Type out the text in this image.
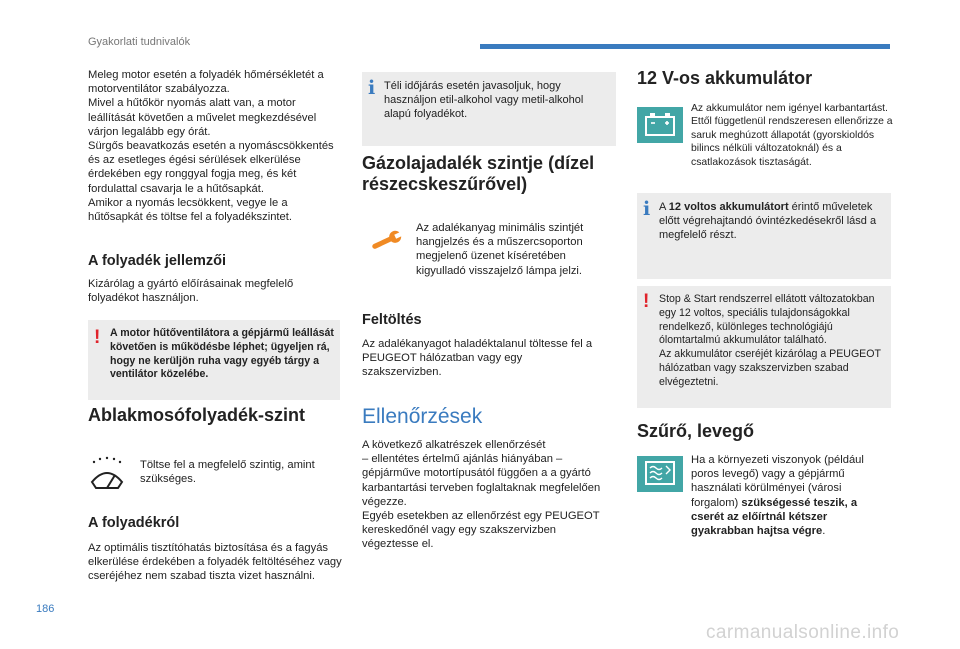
Gyakorlati tudnivalók

Meleg motor esetén a folyadék hőmérsékletét a motorventilátor szabályozza.

Mivel a hűtőkör nyomás alatt van, a motor leállítását követően a művelet megkezdésével várjon legalább egy órát.

Sürgős beavatkozás esetén a nyomáscsökkentés és az esetleges égési sérülések elkerülése érdekében egy ronggyal fogja meg, és két fordulattal csavarja le a hűtősapkát.

Amikor a nyomás lecsökkent, vegye le a hűtősapkát és töltse fel a folyadékszintet.

A folyadék jellemzői
Kizárólag a gyártó előírásainak megfelelő folyadékot használjon.
! A motor hűtőventilátora a gépjármű leállását követően is működésbe léphet; ügyeljen rá, hogy ne kerüljön ruha vagy egyéb tárgy a ventilátor közelébe.
Ablakmosófolyadék-szint
Töltse fel a megfelelő szintig, amint szükséges.
A folyadékról
Az optimális tisztítóhatás biztosítása és a fagyás elkerülése érdekében a folyadék feltöltéséhez vagy cseréjéhez nem szabad tiszta vizet használni.
i Téli időjárás esetén javasoljuk, hogy használjon etil-alkohol vagy metil-alkohol alapú folyadékot.
Gázolajadalék szintje (dízel részecskeszűrővel)
Az adalékanyag minimális szintjét hangjelzés és a műszercsoporton megjelenő üzenet kíséretében kigyulladó visszajelző lámpa jelzi.
Feltöltés
Az adalékanyagot haladéktalanul töltesse fel a PEUGEOT hálózatban vagy egy szakszervizben.
Ellenőrzések

A következő alkatrészek ellenőrzését

– ellentétes értelmű ajánlás hiányában – gépjárműve motortípusától függően a a gyártó karbantartási terveben foglaltaknak megfelelően végezze.

Egyéb esetekben az ellenőrzést egy PEUGEOT kereskedőnél vagy egy szakszervizben végeztesse el.

12 V-os akkumulátor

Az akkumulátor nem igényel karbantartást.

Ettől függetlenül rendszeresen ellenőrizze a saruk meghúzott állapotát (gyorskioldós bilincs nélküli változatoknál) és a csatlakozások tisztaságát.

i A 12 voltos akkumulátort érintő műveletek előtt végrehajtandó óvintézkedésekről lásd a megfelelő részt.
! Stop & Start rendszerrel ellátott változatokban egy 12 voltos, speciális tulajdonságokkal rendelkező, különleges technológiájú ólomtartalmú akkumulátor található.
Az akkumulátor cseréjét kizárólag a PEUGEOT hálózatban vagy szakszervizben szabad elvégeztetni.
Szűrő, levegő
Ha a környezeti viszonyok (például poros levegő) vagy a gépjármű használati körülményei (városi forgalom) szükségessé teszik, a cserét az előírtnál kétszer gyakrabban hajtsa végre.
186
carmanualsonline.info
